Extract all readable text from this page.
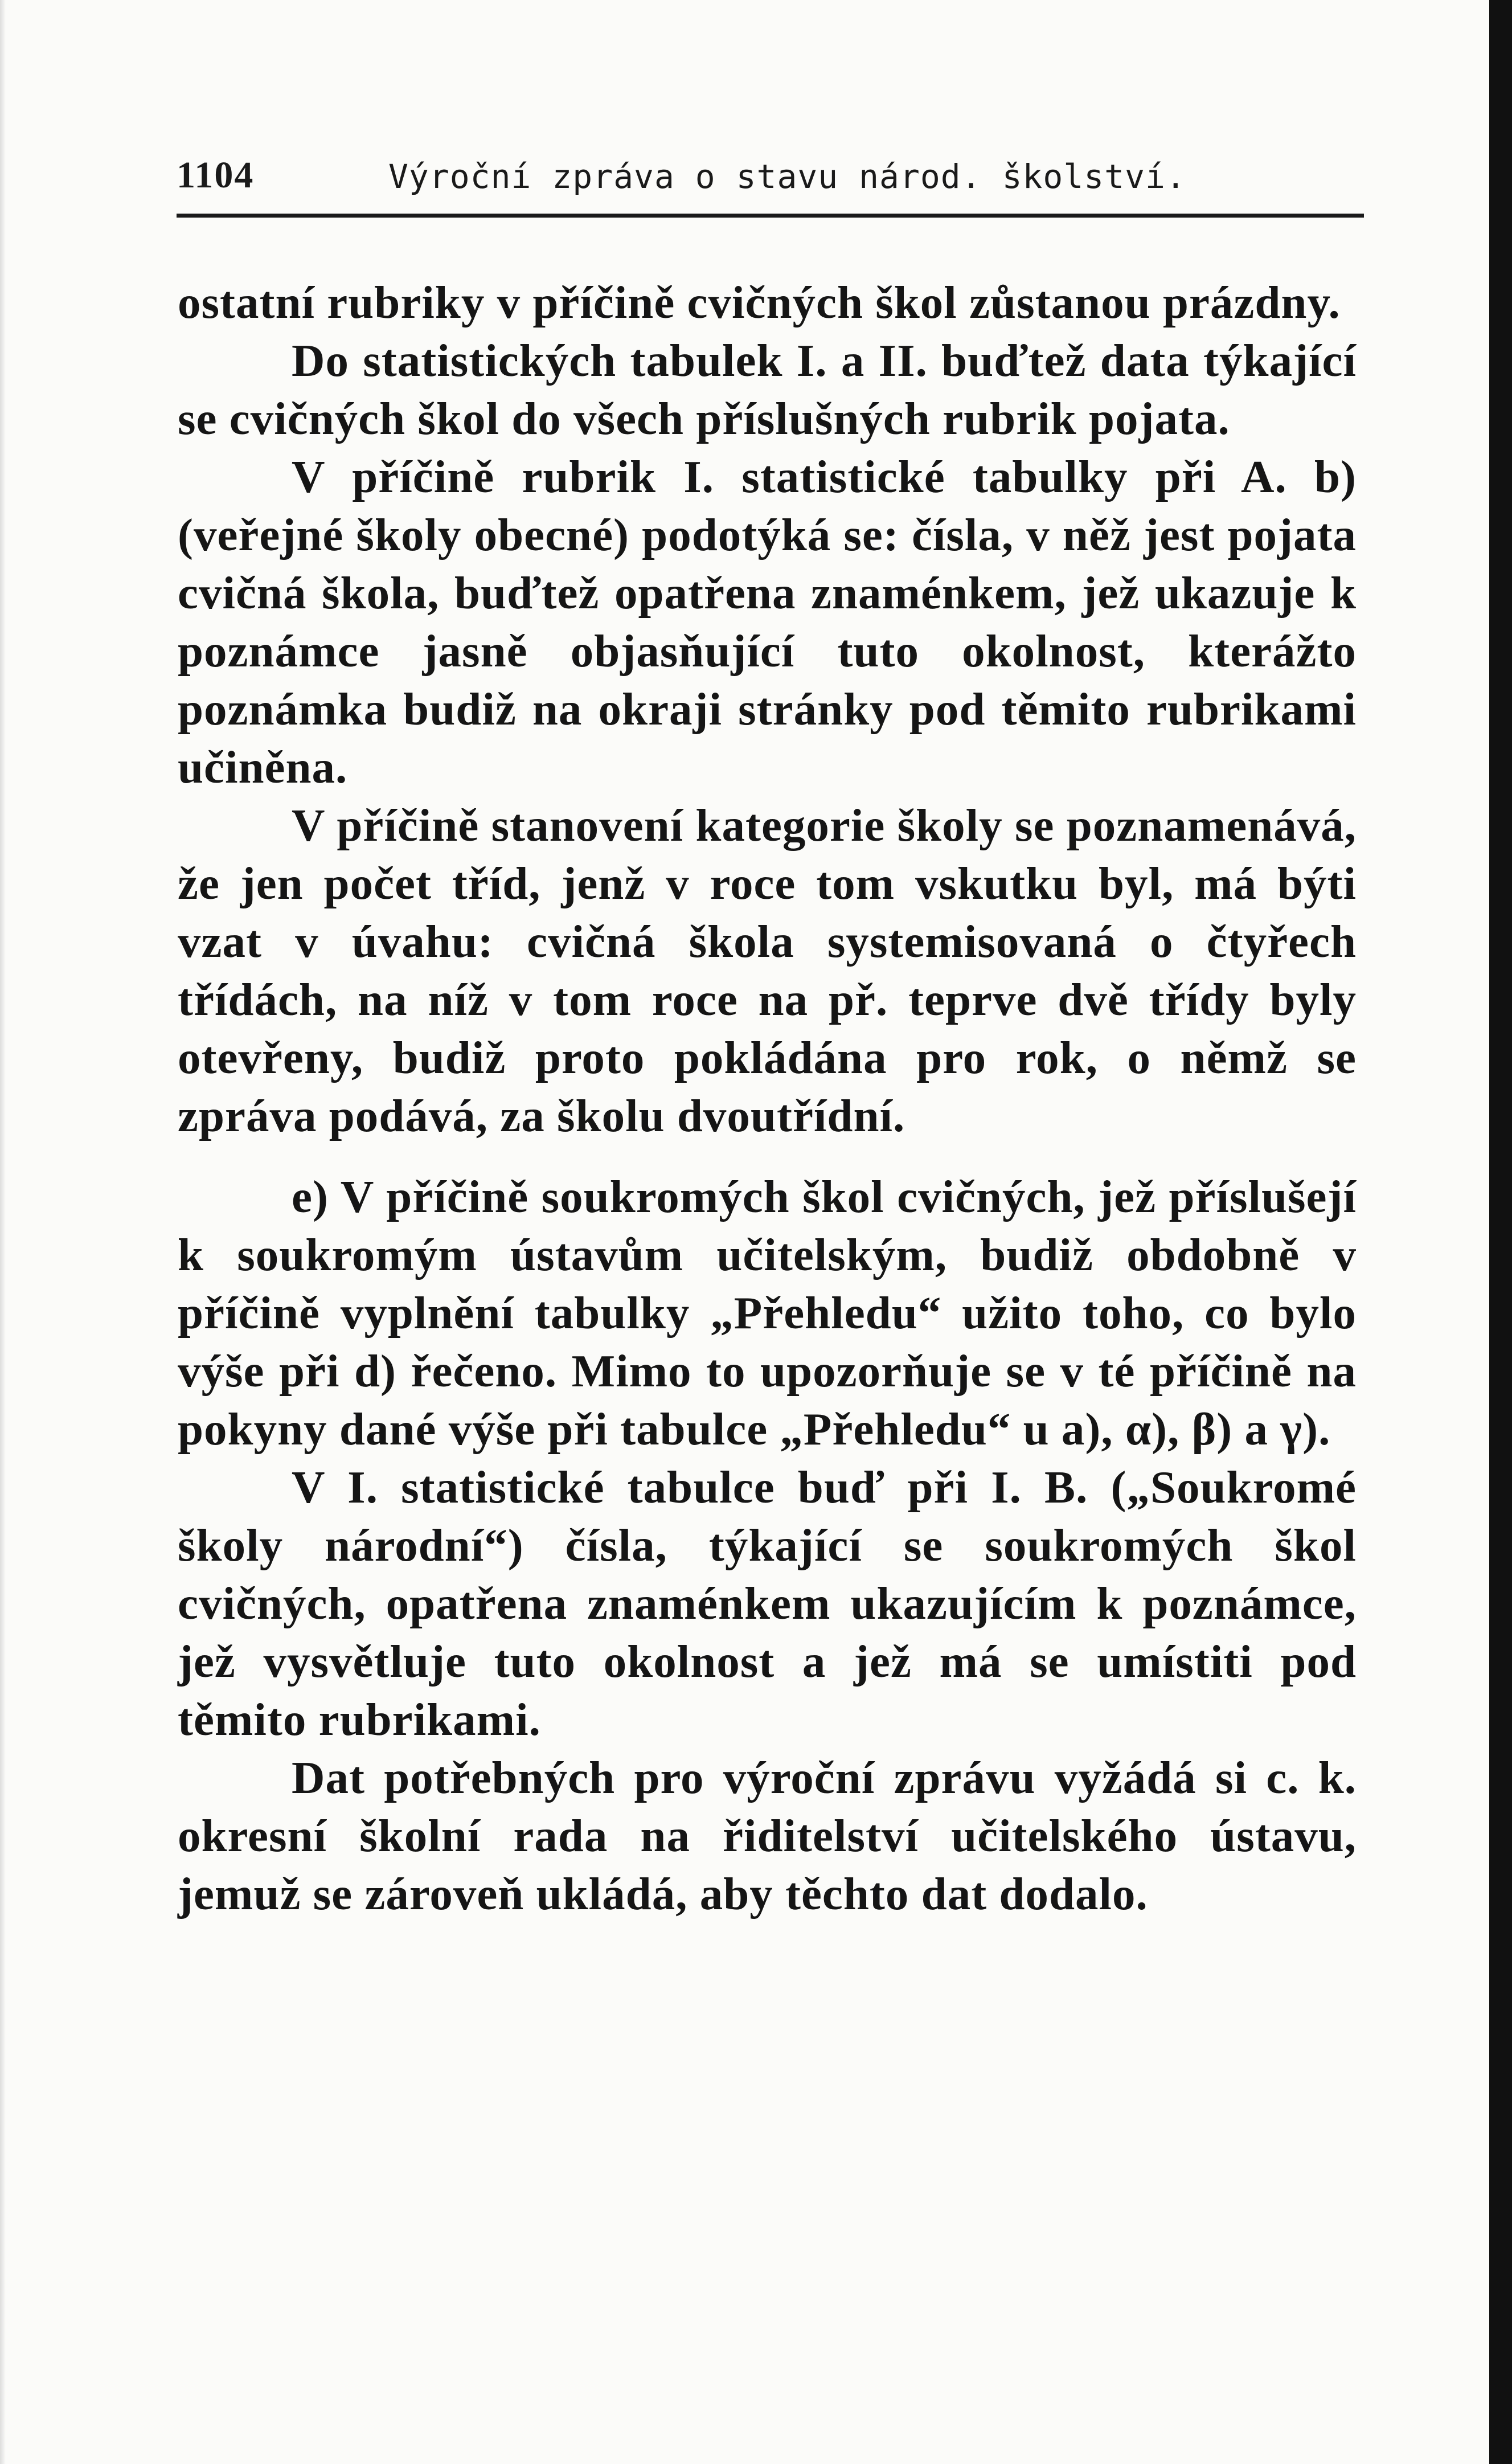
1104	Výroční zpráva o stavu národ. školství.

ostatní rubriky v příčině cvičných škol zůstanou prázdny.

Do statistických tabulek I. a II. buďtež data týkající se cvičných škol do všech příslušných rubrik pojata.

V příčině rubrik I. statistické tabulky při A. b) (veřejné školy obecné) podotýká se: čísla, v něž jest pojata cvičná škola, buďtež opatřena znaménkem, jež ukazuje k poznámce jasně objasňující tuto okolnost, kterážto poznámka budiž na okraji stránky pod těmito rubrikami učiněna.

V příčině stanovení kategorie školy se poznamenává, že jen počet tříd, jenž v roce tom vskutku byl, má býti vzat v úvahu: cvičná škola systemisovaná o čtyřech třídách, na níž v tom roce na př. teprve dvě třídy byly otevřeny, budiž proto pokládána pro rok, o němž se zpráva podává, za školu dvoutřídní.

e) V příčině soukromých škol cvičných, jež příslušejí k soukromým ústavům učitelským, budiž obdobně v příčině vyplnění tabulky „Přehledu“ užito toho, co bylo výše při d) řečeno. Mimo to upozorňuje se v té příčině na pokyny dané výše při tabulce „Přehledu“ u a), α), β) a γ).

V I. statistické tabulce buď při I. B. („Soukromé školy národní“) čísla, týkající se soukromých škol cvičných, opatřena znaménkem ukazujícím k poznámce, jež vysvětluje tuto okolnost a jež má se umístiti pod těmito rubrikami.

Dat potřebných pro výroční zprávu vyžádá si c. k. okresní školní rada na řiditelství učitelského ústavu, jemuž se zároveň ukládá, aby těchto dat dodalo.
